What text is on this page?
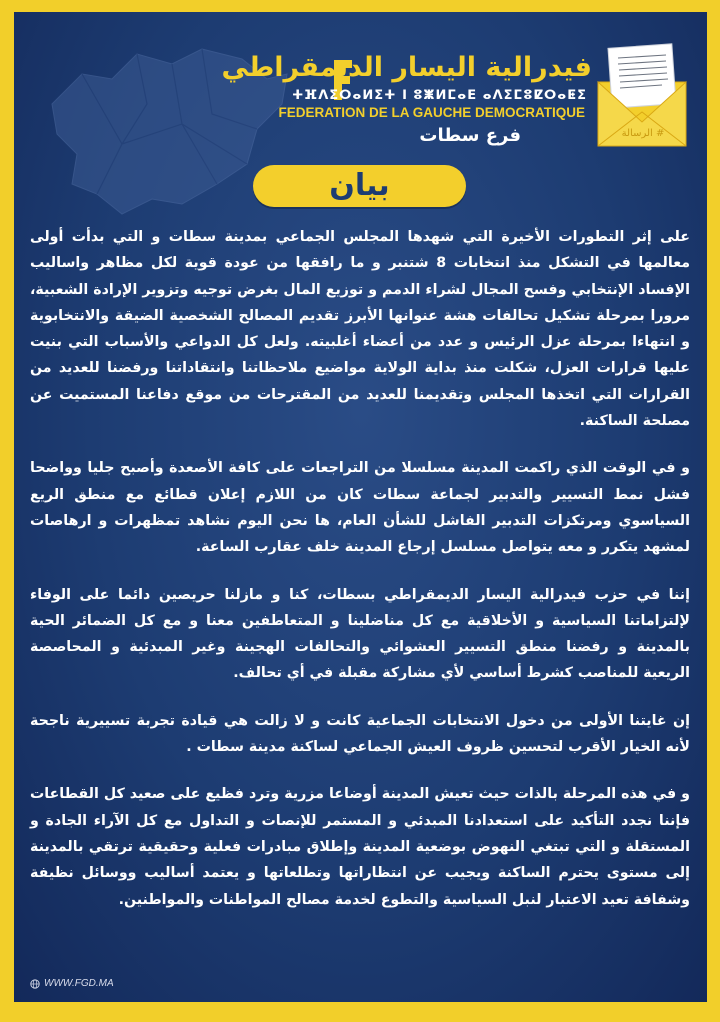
فيدرالية اليسار الديمقراطي

ⵜⴼⴷⵉⵔⴰⵍⵉⵜ ⵏ ⵓⵥⵍⵎⴰⴹ ⴰⴷⵉⵎⵓⵇⵔⴰⵟⵉ

FEDERATION DE LA GAUCHE DEMOCRATIQUE

فرع سطات	# الرسالة
بيان

على إثر التطورات الأخيرة التي شهدها المجلس الجماعي بمدينة سطات و التي بدأت أولى معالمها في التشكل منذ انتخابات 8 شتنبر و ما رافقها من عودة قوية لكل مظاهر واساليب الإفساد الإنتخابي وفسح المجال لشراء الدمم و توزيع المال بغرض توجيه وتزوير الإرادة الشعبية، مرورا بمرحلة تشكيل تحالفات هشة عنوانها الأبرز تقديم المصالح الشخصية الضيقة والانتخابوية و انتهاءا بمرحلة عزل الرئيس و عدد من أعضاء أغلبيته. ولعل كل الدواعي والأسباب التي بنيت عليها قرارات العزل، شكلت منذ بداية الولاية مواضيع ملاحظاتنا وانتقاداتنا ورفضنا للعديد من القرارات التي اتخذها المجلس وتقديمنا للعديد من المقترحات من موقع دفاعنا المستميت عن مصلحة الساكنة.

و في الوقت الذي راكمت المدينة مسلسلا من التراجعات على كافة الأصعدة وأصبح جليا وواضحا فشل نمط التسيير والتدبير لجماعة سطات كان من اللازم إعلان قطائع مع منطق الريع السياسوي ومرتكزات التدبير الفاشل للشأن العام، ها نحن اليوم نشاهد تمظهرات و ارهاصات لمشهد يتكرر و معه يتواصل مسلسل إرجاع المدينة خلف عقارب الساعة.

إننا في حزب فيدرالية اليسار الديمقراطي بسطات، كنا و مازلنا حريصين دائما على الوفاء لإلتزاماتنا السياسية و الأخلاقية مع كل مناضلينا و المتعاطفين معنا و مع كل الضمائر الحية بالمدينة و رفضنا منطق التسيير العشوائي والتحالفات الهجينة وغير المبدئية و المحاصصة الريعية للمناصب كشرط أساسي لأي مشاركة مقبلة في أي تحالف.

إن غايتنا الأولى من دخول الانتخابات الجماعية كانت و لا زالت هي قيادة تجربة تسييرية ناجحة لأنه الخيار الأقرب لتحسين ظروف العيش الجماعي لساكنة مدينة سطات .

و في هذه المرحلة بالذات حيث تعيش المدينة أوضاعا مزرية وترد فظيع على صعيد كل القطاعات فإننا نجدد التأكيد على استعدادنا المبدئي و المستمر للإنصات و التداول مع كل الآراء الجادة و المستقلة و التي تبتغي النهوض بوضعية المدينة وإطلاق مبادرات فعلية وحقيقية ترتقي بالمدينة إلى مستوى يحترم الساكنة ويجيب عن انتظاراتها وتطلعاتها و يعتمد أساليب ووسائل نظيفة وشفافة تعيد الاعتبار لنبل السياسية والتطوع لخدمة مصالح المواطنات والمواطنين.

WWW.FGD.MA
